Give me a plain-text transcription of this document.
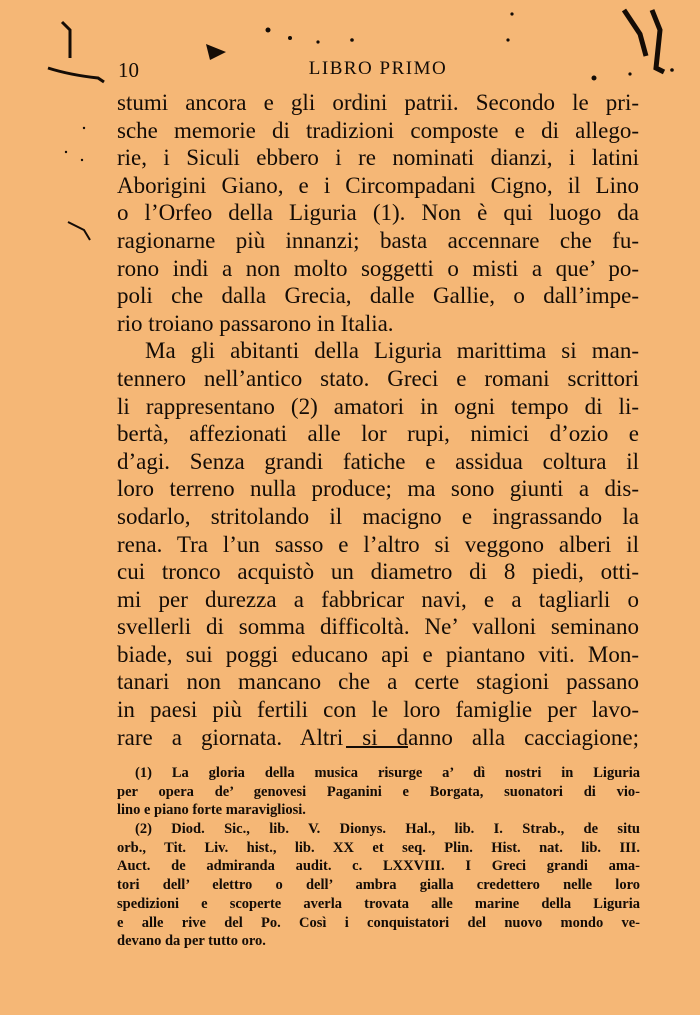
10	LIBRO PRIMO
stumi ancora e gli ordini patrii. Secondo le pri-
sche memorie di tradizioni composte e di allego-
rie, i Siculi ebbero i re nominati dianzi, i latini
Aborigini Giano, e i Circompadani Cigno, il Lino
o l’Orfeo della Liguria (1). Non è qui luogo da
ragionarne più innanzi; basta accennare che fu-
rono indi a non molto soggetti o misti a que’ po-
poli che dalla Grecia, dalle Gallie, o dall’impe-
rio troiano passarono in Italia.
Ma gli abitanti della Liguria marittima si man-
tennero nell’antico stato. Greci e romani scrittori
li rappresentano (2) amatori in ogni tempo di li-
bertà, affezionati alle lor rupi, nimici d’ozio e
d’agi. Senza grandi fatiche e assidua coltura il
loro terreno nulla produce; ma sono giunti a dis-
sodarlo, stritolando il macigno e ingrassando la
rena. Tra l’un sasso e l’altro si veggono alberi il
cui tronco acquistò un diametro di 8 piedi, otti-
mi per durezza a fabbricar navi, e a tagliarli o
svellerli di somma difficoltà. Ne’ valloni seminano
biade, sui poggi educano api e piantano viti. Mon-
tanari non mancano che a certe stagioni passano
in paesi più fertili con le loro famiglie per lavo-
rare a giornata. Altri si danno alla cacciagione;
(1) La gloria della musica risurge a’ dì nostri in Liguria
per opera de’ genovesi Paganini e Borgata, suonatori di vio-
lino e piano forte maravigliosi.
(2) Diod. Sic., lib. V. Dionys. Hal., lib. I. Strab., de situ
orb., Tit. Liv. hist., lib. XX et seq. Plin. Hist. nat. lib. III.
Auct. de admiranda audit. c. LXXVIII. I Greci grandi ama-
tori dell’ elettro o dell’ ambra gialla credettero nelle loro
spedizioni e scoperte averla trovata alle marine della Liguria
e alle rive del Po. Così i conquistatori del nuovo mondo ve-
devano da per tutto oro.
